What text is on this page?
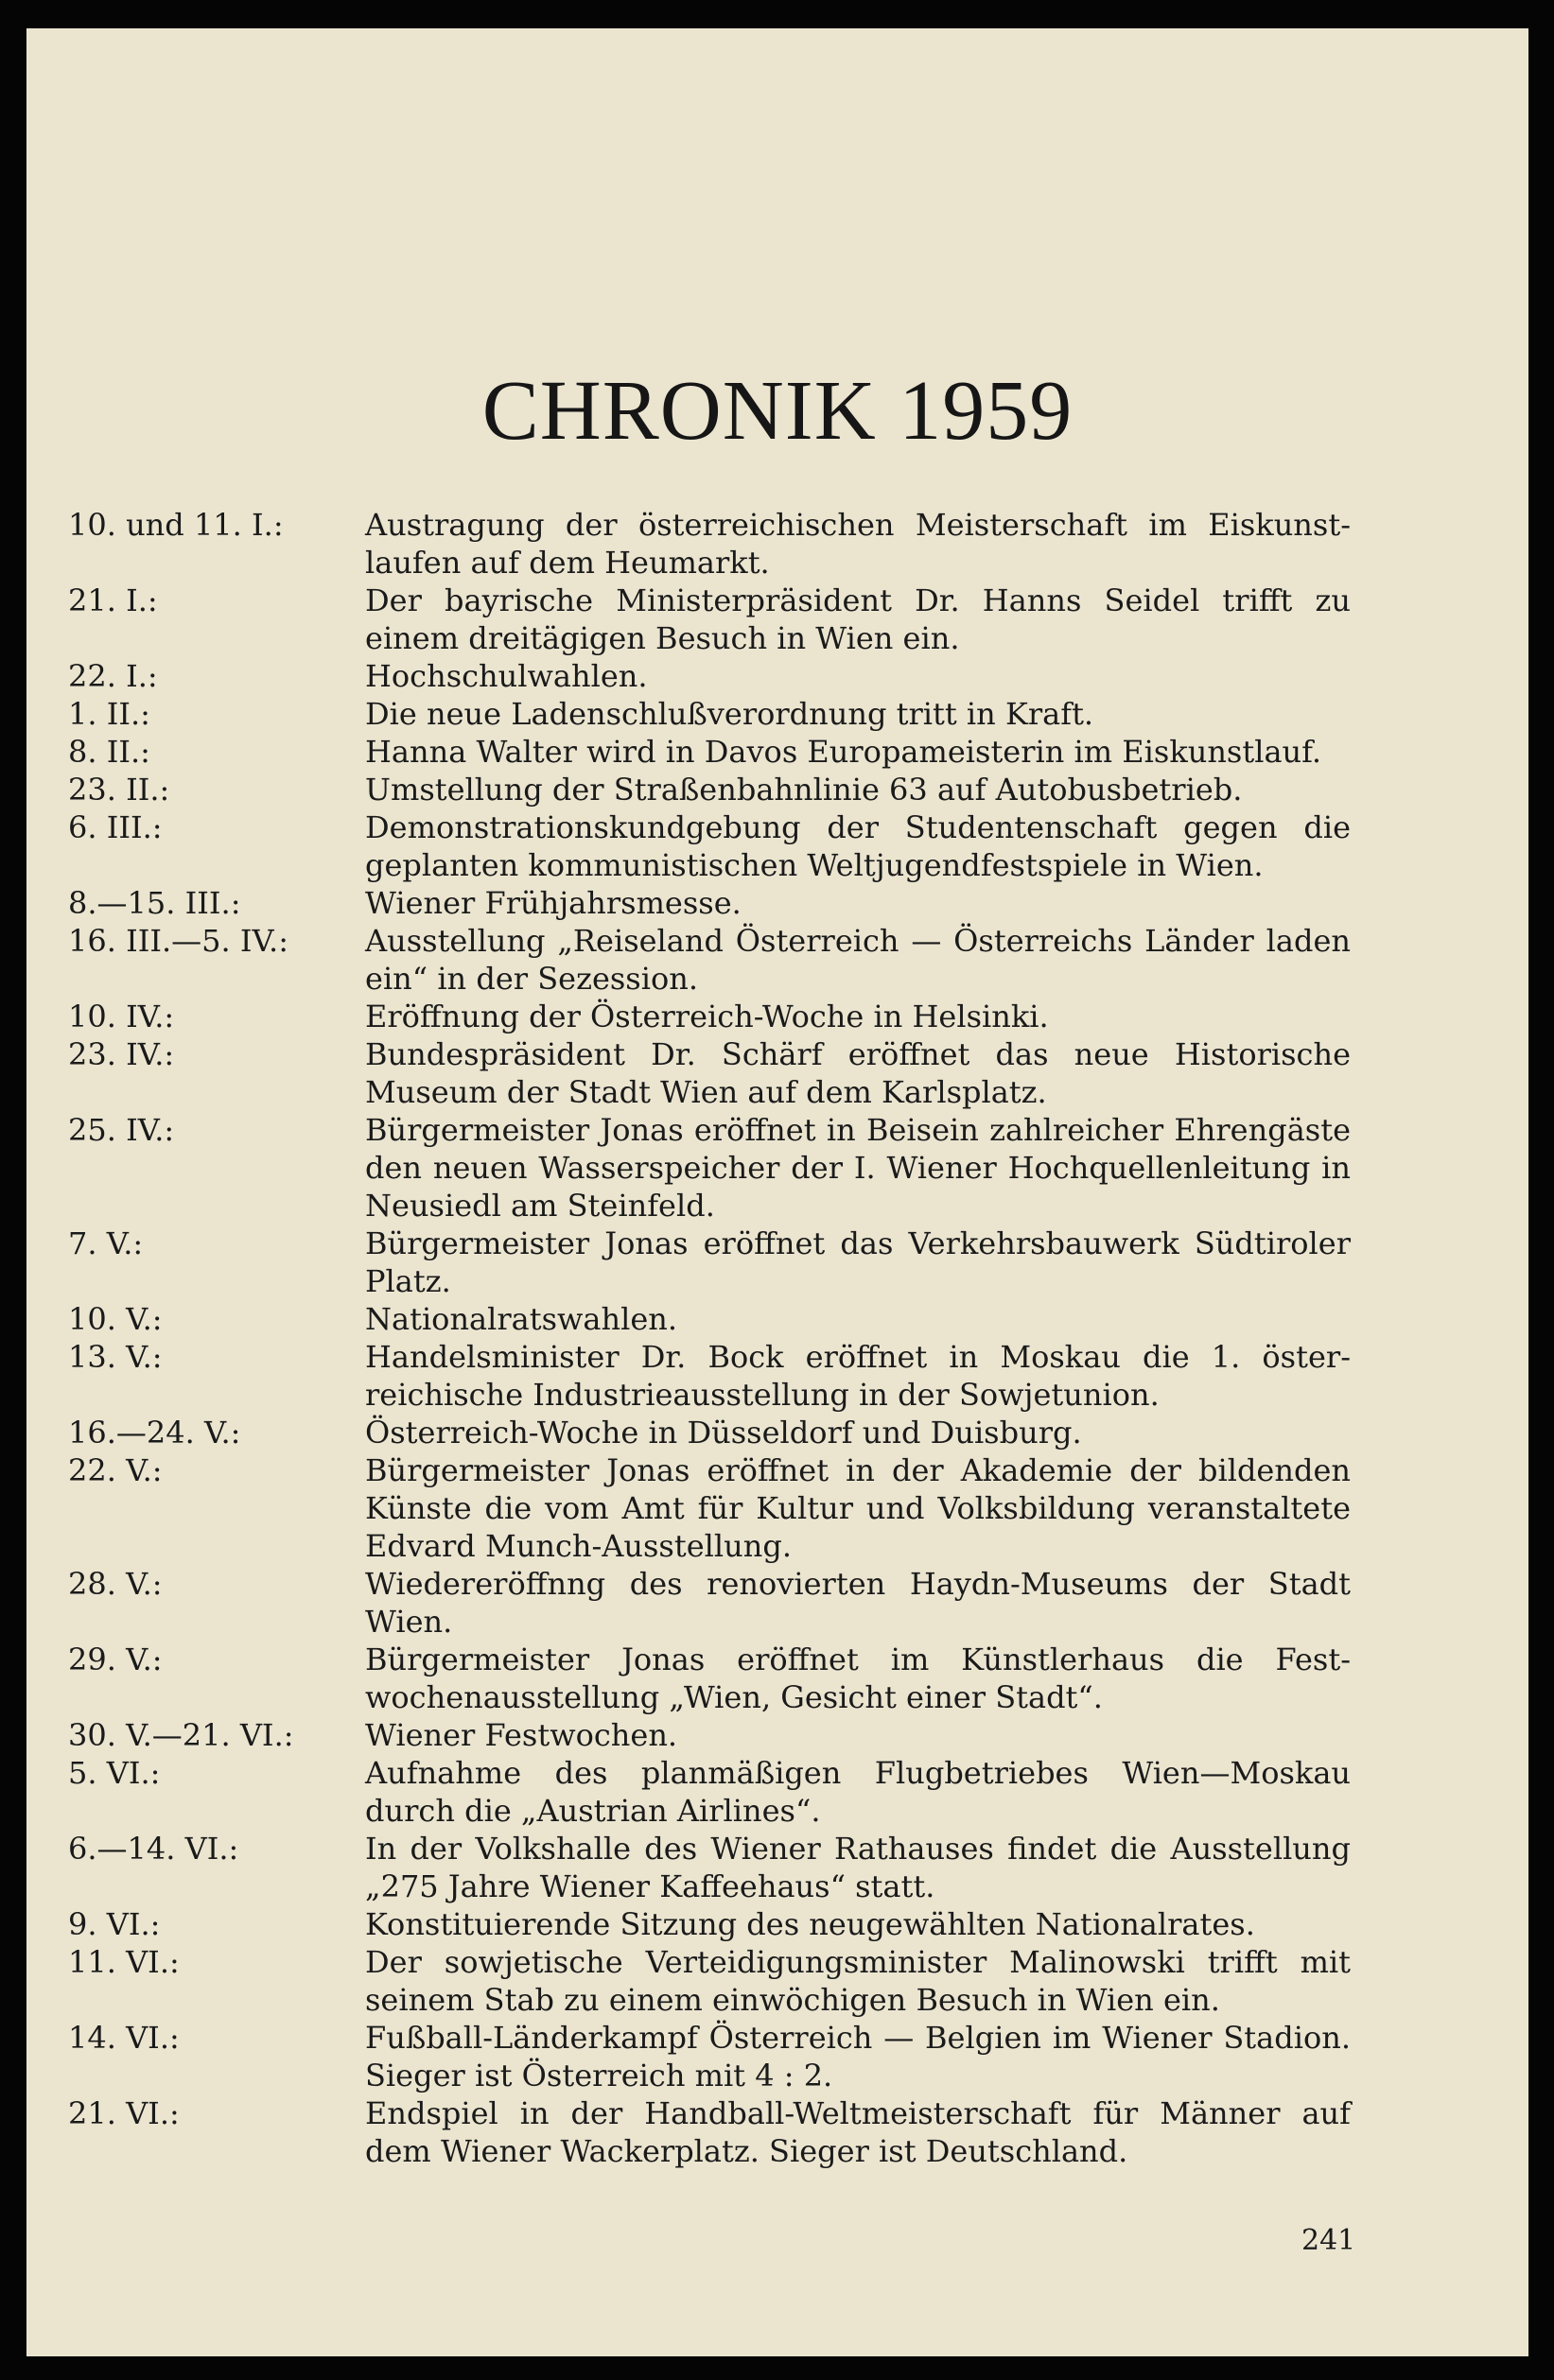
CHRONIK 1959
10. und 11. I.:	Austragung der österreichischen Meisterschaft im Eiskunstlaufen auf dem Heumarkt.
21. I.:	Der bayrische Ministerpräsident Dr. Hanns Seidel trifft zu einem dreitägigen Besuch in Wien ein.
22. I.:	Hochschulwahlen.
1. II.:	Die neue Ladenschlußverordnung tritt in Kraft.
8. II.:	Hanna Walter wird in Davos Europameisterin im Eiskunstlauf.
23. II.:	Umstellung der Straßenbahnlinie 63 auf Autobusbetrieb.
6. III.:	Demonstrationskundgebung der Studentenschaft gegen die geplanten kommunistischen Weltjugendfestspiele in Wien.
8.—15. III.:	Wiener Frühjahrsmesse.
16. III.—5. IV.:	Ausstellung „Reiseland Österreich — Österreichs Länder laden ein“ in der Sezession.
10. IV.:	Eröffnung der Österreich-Woche in Helsinki.
23. IV.:	Bundespräsident Dr. Schärf eröffnet das neue Historische Museum der Stadt Wien auf dem Karlsplatz.
25. IV.:	Bürgermeister Jonas eröffnet in Beisein zahlreicher Ehrengäste den neuen Wasserspeicher der I. Wiener Hochquellenleitung in Neusiedl am Steinfeld.
7. V.:	Bürgermeister Jonas eröffnet das Verkehrsbauwerk Südtiroler Platz.
10. V.:	Nationalratswahlen.
13. V.:	Handelsminister Dr. Bock eröffnet in Moskau die 1. österreichische Industrieausstellung in der Sowjetunion.
16.—24. V.:	Österreich-Woche in Düsseldorf und Duisburg.
22. V.:	Bürgermeister Jonas eröffnet in der Akademie der bildenden Künste die vom Amt für Kultur und Volksbildung veranstaltete Edvard Munch-Ausstellung.
28. V.:	Wiedereröffnng des renovierten Haydn-Museums der Stadt Wien.
29. V.:	Bürgermeister Jonas eröffnet im Künstlerhaus die Festwochenausstellung „Wien, Gesicht einer Stadt“.
30. V.—21. VI.:	Wiener Festwochen.
5. VI.:	Aufnahme des planmäßigen Flugbetriebes Wien—Moskau durch die „Austrian Airlines“.
6.—14. VI.:	In der Volkshalle des Wiener Rathauses findet die Ausstellung „275 Jahre Wiener Kaffeehaus“ statt.
9. VI.:	Konstituierende Sitzung des neugewählten Nationalrates.
11. VI.:	Der sowjetische Verteidigungsminister Malinowski trifft mit seinem Stab zu einem einwöchigen Besuch in Wien ein.
14. VI.:	Fußball-Länderkampf Österreich — Belgien im Wiener Stadion. Sieger ist Österreich mit 4 : 2.
21. VI.:	Endspiel in der Handball-Weltmeisterschaft für Männer auf dem Wiener Wackerplatz. Sieger ist Deutschland.

241
